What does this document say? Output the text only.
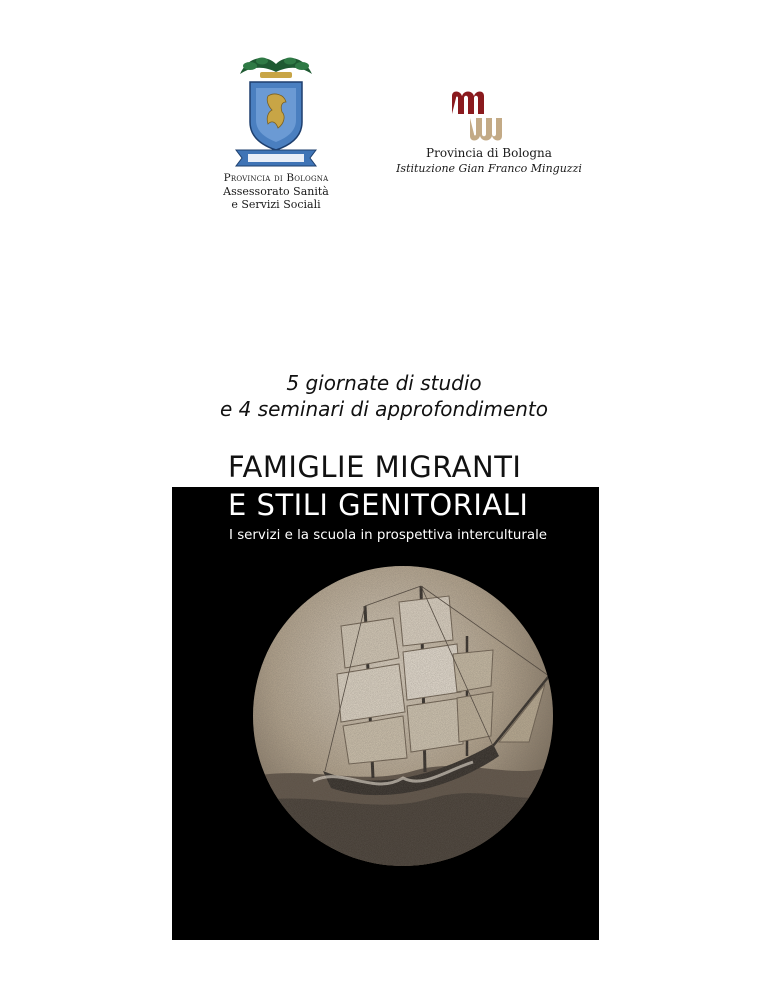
Provincia di Bologna
Assessorato Sanità
e Servizi Sociali
Provincia di Bologna
Istituzione Gian Franco Minguzzi
5 giornate di studio
e 4 seminari di approfondimento
FAMIGLIE MIGRANTI
E STILI GENITORIALI
I servizi e la scuola in prospettiva interculturale
